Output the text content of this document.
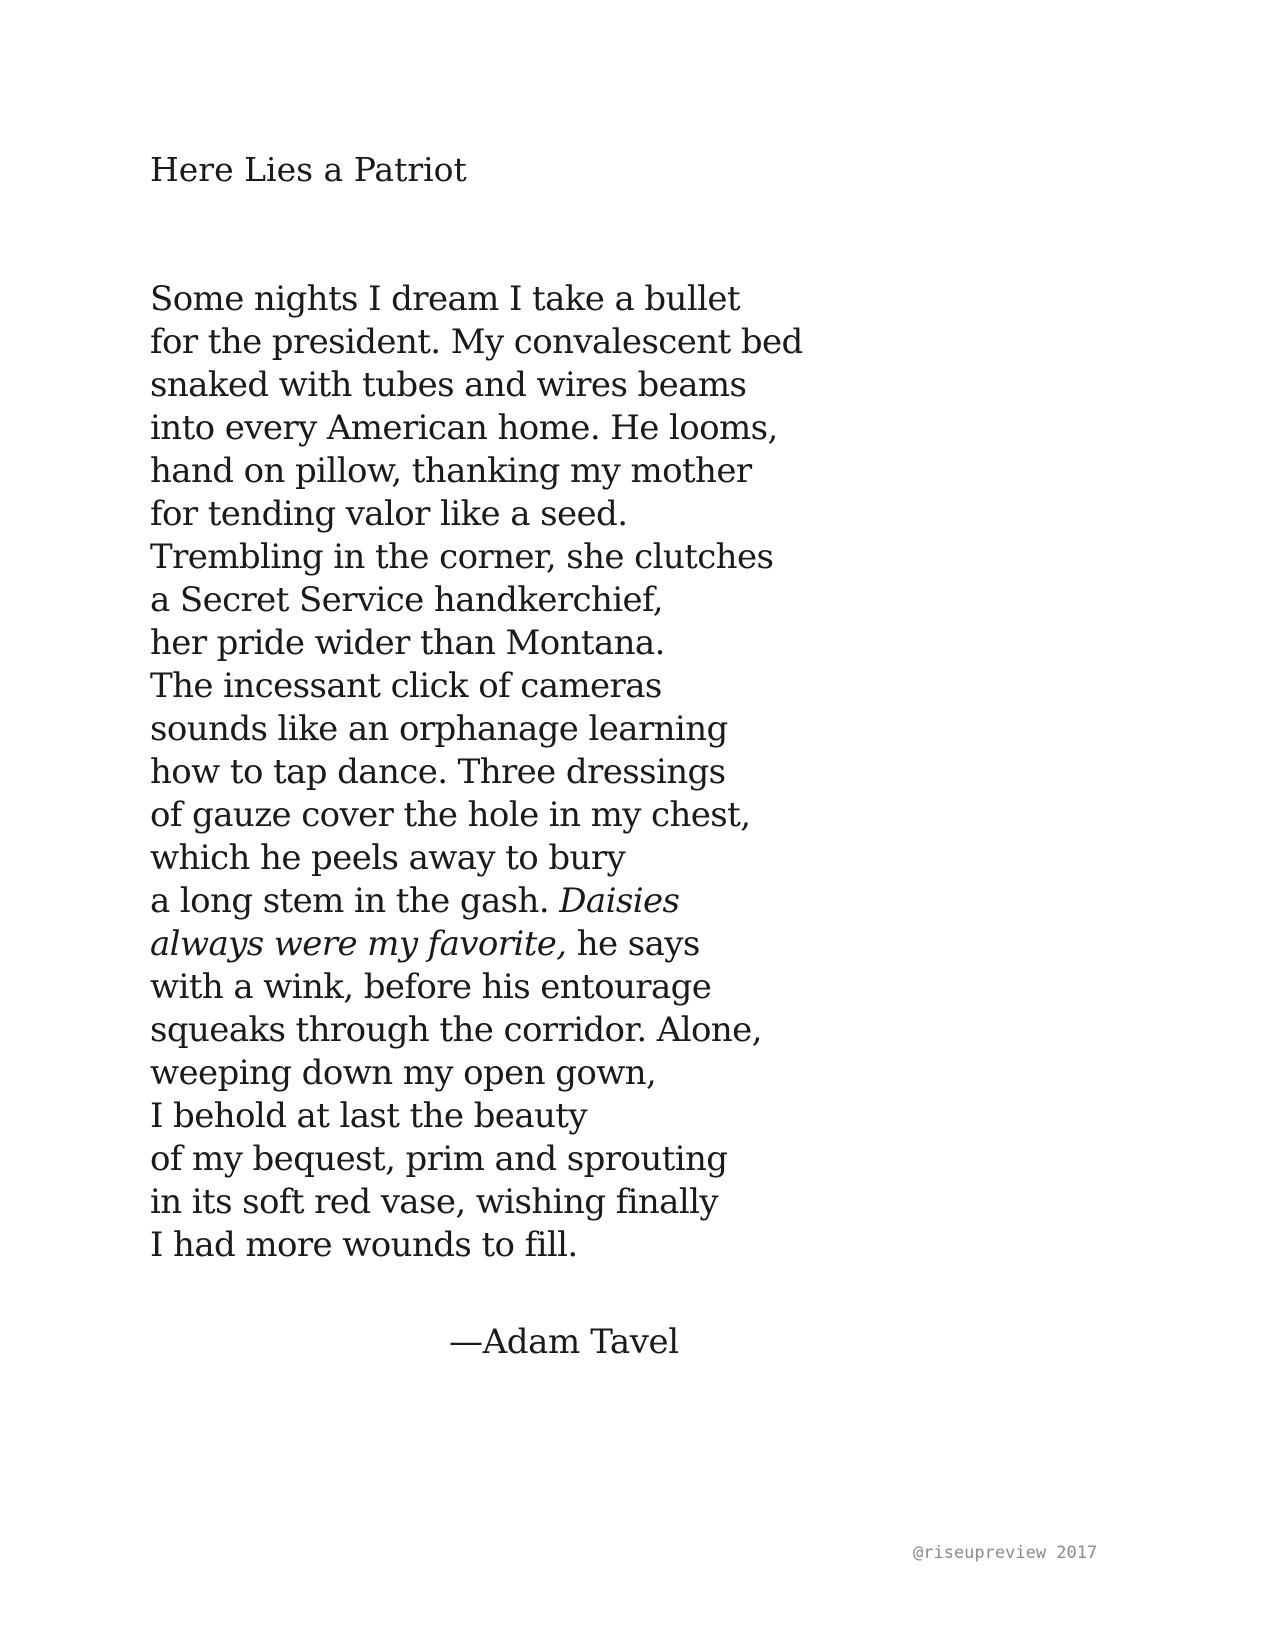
Here Lies a Patriot
Some nights I dream I take a bullet
for the president. My convalescent bed
snaked with tubes and wires beams
into every American home. He looms,
hand on pillow, thanking my mother
for tending valor like a seed.
Trembling in the corner, she clutches
a Secret Service handkerchief,
her pride wider than Montana.
The incessant click of cameras
sounds like an orphanage learning
how to tap dance. Three dressings
of gauze cover the hole in my chest,
which he peels away to bury
a long stem in the gash. Daisies
always were my favorite, he says
with a wink, before his entourage
squeaks through the corridor. Alone,
weeping down my open gown,
I behold at last the beauty
of my bequest, prim and sprouting
in its soft red vase, wishing finally
I had more wounds to fill.
—Adam Tavel
@riseupreview 2017
